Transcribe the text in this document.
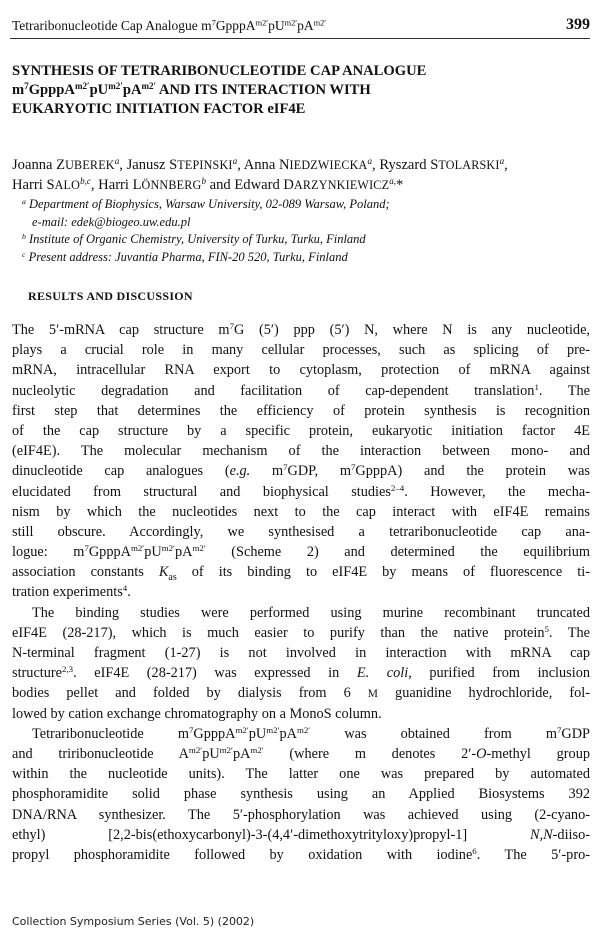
Tetraribonucleotide Cap Analogue $m^7GpppA^{m2'}pU^{m2'}pA^{m2'}$	399
SYNTHESIS OF TETRARIBONUCLEOTIDE CAP ANALOGUE
$m^7GpppA^{m2'}pU^{m2'}pA^{m2'}$ AND ITS INTERACTION WITH
EUKARYOTIC INITIATION FACTOR eIF4E
Joanna ZUBEREK$^a$, Janusz STEPINSKI$^a$, Anna NIEDZWIECKA$^a$, Ryszard STOLARSKI$^a$,
Harri SALO$^{b,c}$, Harri LÖNNBERG$^b$ and Edward $DARZYNKIEWICZ^{a,}*$
$^a$ Department of Biophysics, Warsaw University, 02-089 Warsaw, Poland;
e-mail: edek@biogeo.uw.edu.pl
$^b$ Institute of Organic Chemistry, University of Turku, Turku, Finland
$^c$ Present address: Juvantia Pharma, FIN-20 520, Turku, Finland
RESULTS AND DISCUSSION
The 5′-mRNA cap structure $m^7G$ (5′) ppp (5′) N, where N is any nucleotide,
plays a crucial role in many cellular processes, such as splicing of pre-
mRNA, intracellular RNA export to cytoplasm, protection of mRNA against
nucleolytic degradation and facilitation of cap-dependent translation$^1$. The
first step that determines the efficiency of protein synthesis is recognition
of the cap structure by a specific protein, eukaryotic initiation factor 4E
(eIF4E). The molecular mechanism of the interaction between mono- and
dinucleotide cap analogues (e.g. $m^7GDP$, $m^7GpppA$) and the protein was
elucidated from structural and biophysical studies$^{2-4}$. However, the mecha-
nism by which the nucleotides next to the cap interact with eIF4E remains
still obscure. Accordingly, we synthesised a tetraribonucleotide cap ana-
logue: $m^7GpppA^{m2'}pU^{m2'}pA^{m2'}$ (Scheme 2) and determined the equilibrium
association constants $K_{as}$ of its binding to eIF4E by means of fluorescence ti-
tration experiments$^4$.
The binding studies were performed using murine recombinant truncated
eIF4E (28-217), which is much easier to purify than the native protein$^5$. The
N-terminal fragment (1-27) is not involved in interaction with mRNA cap
structure$^{2,3}$. eIF4E (28-217) was expressed in E. coli, purified from inclusion
bodies pellet and folded by dialysis from 6 M guanidine hydrochloride, fol-
lowed by cation exchange chromatography on a MonoS column.
Tetraribonucleotide $m^7GpppA^{m2'}pU^{m2'}pA^{m2'}$ was obtained from $m^7GDP$
and triribonucleotide $A^{m2'}pU^{m2'}pA^{m2'}$ (where m denotes 2′-O-methyl group
within the nucleotide units). The latter one was prepared by automated
phosphoramidite solid phase synthesis using an Applied Biosystems 392
DNA/RNA synthesizer. The 5′-phosphorylation was achieved using (2-cyano-
ethyl) [2,2-bis(ethoxycarbonyl)-3-(4,4′-dimethoxytrityloxy)propyl-1] N,N-diiso-
propyl phosphoramidite followed by oxidation with iodine$^6$. The 5′-pro-
Collection Symposium Series (Vol. 5) (2002)
